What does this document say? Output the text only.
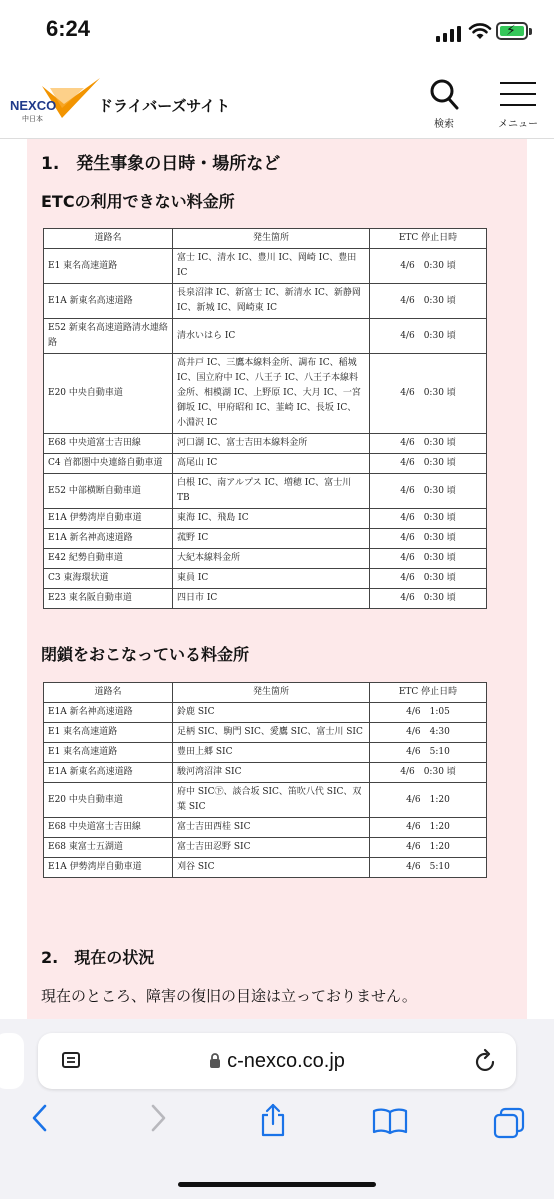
6:24	⚡
NEXCO
中日本
ドライバーズサイト
検索	メニュー
1.　発生事象の日時・場所など
ETCの利用できない料金所
道路名	発生箇所	ETC 停止日時
E1 東名高速道路	富士 IC、清水 IC、豊川 IC、岡崎 IC、豊田 IC	4/6　0:30 頃
E1A 新東名高速道路	長泉沼津 IC、新富士 IC、新清水 IC、新静岡 IC、新城 IC、岡崎東 IC	4/6　0:30 頃
E52 新東名高速道路清水連絡路	清水いはら IC	4/6　0:30 頃
E20 中央自動車道	高井戸 IC、三鷹本線料金所、調布 IC、稲城 IC、国立府中 IC、八王子 IC、八王子本線料金所、相模湖 IC、上野原 IC、大月 IC、一宮御坂 IC、甲府昭和 IC、韮崎 IC、長坂 IC、小淵沢 IC	4/6　0:30 頃
E68 中央道富士吉田線	河口湖 IC、富士吉田本線料金所	4/6　0:30 頃
C4 首都圏中央連絡自動車道	高尾山 IC	4/6　0:30 頃
E52 中部横断自動車道	白根 IC、南アルプス IC、増穂 IC、富士川 TB	4/6　0:30 頃
E1A 伊勢湾岸自動車道	東海 IC、飛島 IC	4/6　0:30 頃
E1A 新名神高速道路	菰野 IC	4/6　0:30 頃
E42 紀勢自動車道	大紀本線料金所	4/6　0:30 頃
C3 東海環状道	東員 IC	4/6　0:30 頃
E23 東名阪自動車道	四日市 IC	4/6　0:30 頃
閉鎖をおこなっている料金所
道路名	発生箇所	ETC 停止日時
E1A 新名神高速道路	鈴鹿 SIC	4/6　1:05
E1 東名高速道路	足柄 SIC、駒門 SIC、愛鷹 SIC、富士川 SIC	4/6　4:30
E1 東名高速道路	豊田上郷 SIC	4/6　5:10
E1A 新東名高速道路	駿河湾沼津 SIC	4/6　0:30 頃
E20 中央自動車道	府中 SIC㊦、談合坂 SIC、笛吹八代 SIC、双葉 SIC	4/6　1:20
E68 中央道富士吉田線	富士吉田西桂 SIC	4/6　1:20
E68 東富士五湖道	富士吉田忍野 SIC	4/6　1:20
E1A 伊勢湾岸自動車道	刈谷 SIC	4/6　5:10
2.　現在の状況
現在のところ、障害の復旧の目途は立っておりません。
c-nexco.co.jp
